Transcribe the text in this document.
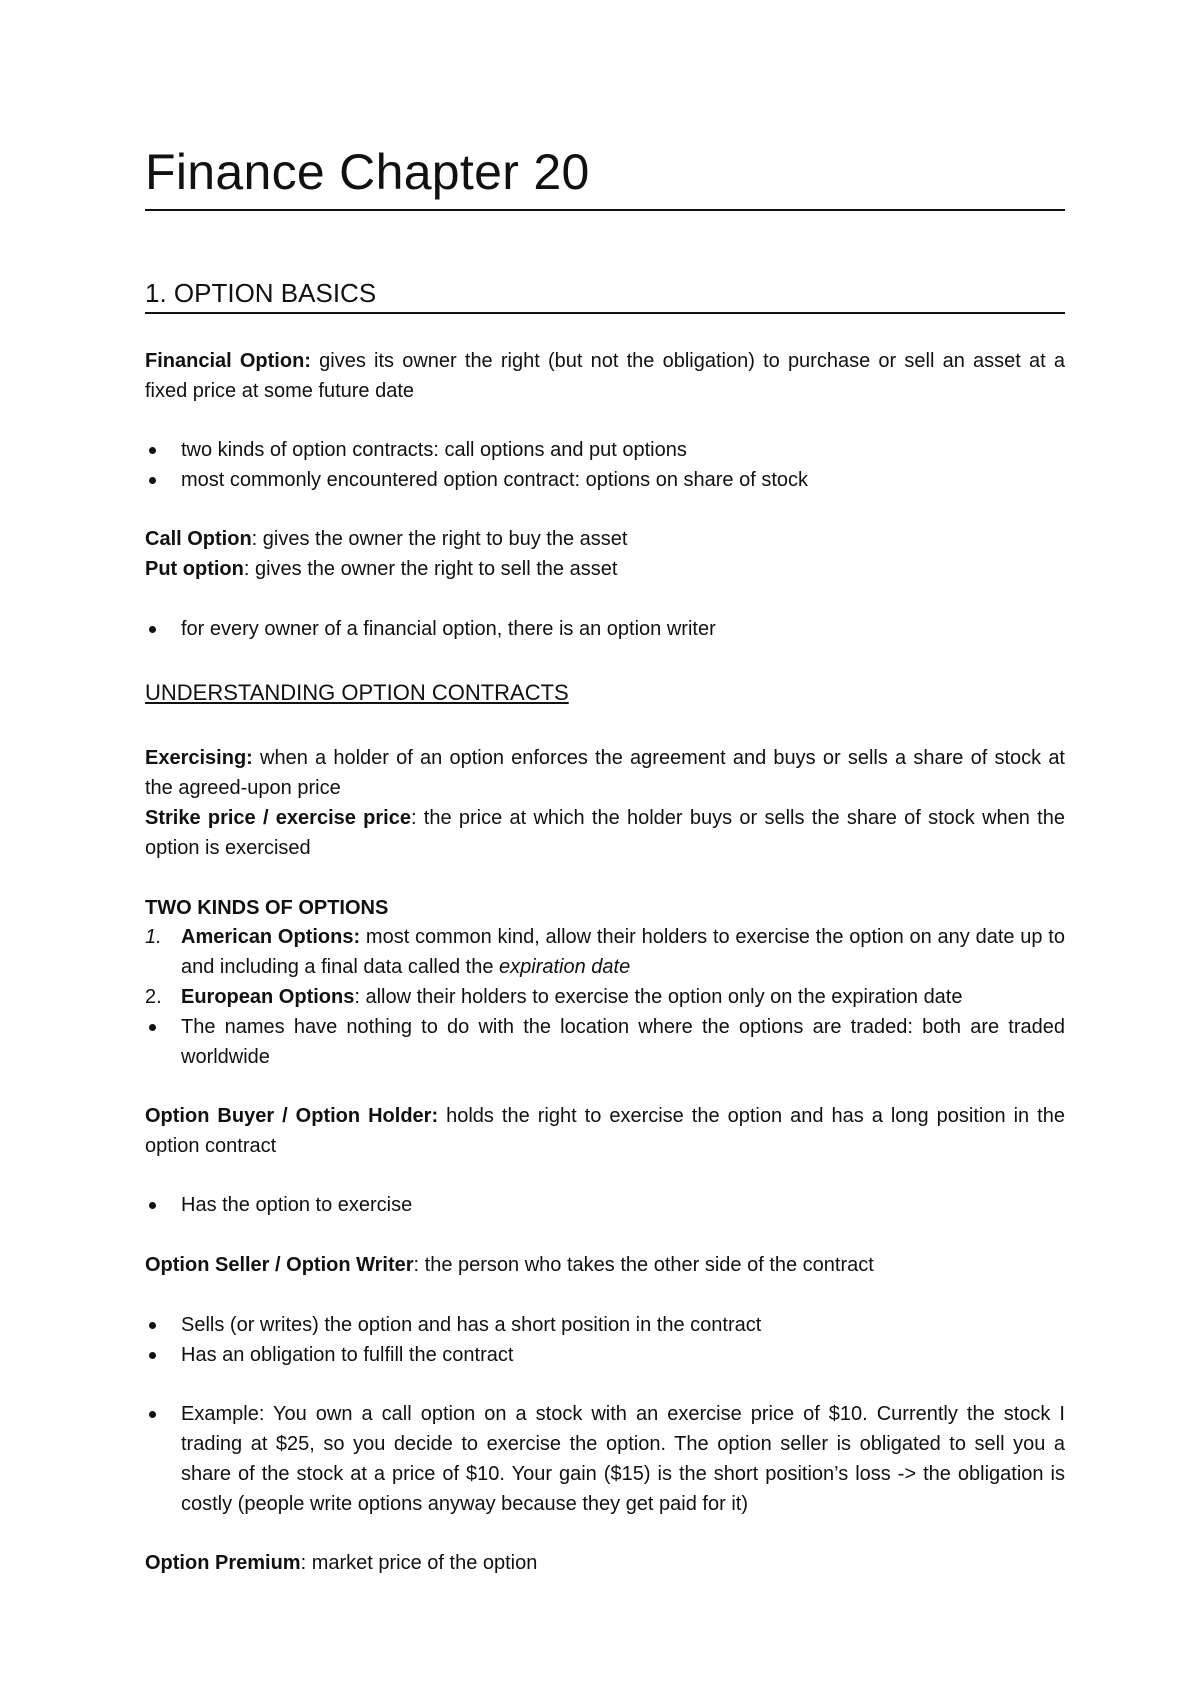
Finance Chapter 20
1. OPTION BASICS

Financial Option: gives its owner the right (but not the obligation) to purchase or sell an asset at a fixed price at some future date

two kinds of option contracts: call options and put options
most commonly encountered option contract: options on share of stock

Call Option: gives the owner the right to buy the asset

Put option: gives the owner the right to sell the asset

for every owner of a financial option, there is an option writer
UNDERSTANDING OPTION CONTRACTS

Exercising: when a holder of an option enforces the agreement and buys or sells a share of stock at the agreed-upon price

Strike price / exercise price: the price at which the holder buys or sells the share of stock when the option is exercised

TWO KINDS OF OPTIONS

1. American Options: most common kind, allow their holders to exercise the option on any date up to and including a final data called the expiration date
2. European Options: allow their holders to exercise the option only on the expiration date
The names have nothing to do with the location where the options are traded: both are traded worldwide

Option Buyer / Option Holder: holds the right to exercise the option and has a long position in the option contract

Has the option to exercise

Option Seller / Option Writer: the person who takes the other side of the contract

Sells (or writes) the option and has a short position in the contract
Has an obligation to fulfill the contract
Example: You own a call option on a stock with an exercise price of $10. Currently the stock I trading at $25, so you decide to exercise the option. The option seller is obligated to sell you a share of the stock at a price of $10. Your gain ($15) is the short position’s loss -> the obligation is costly (people write options anyway because they get paid for it)

Option Premium: market price of the option
